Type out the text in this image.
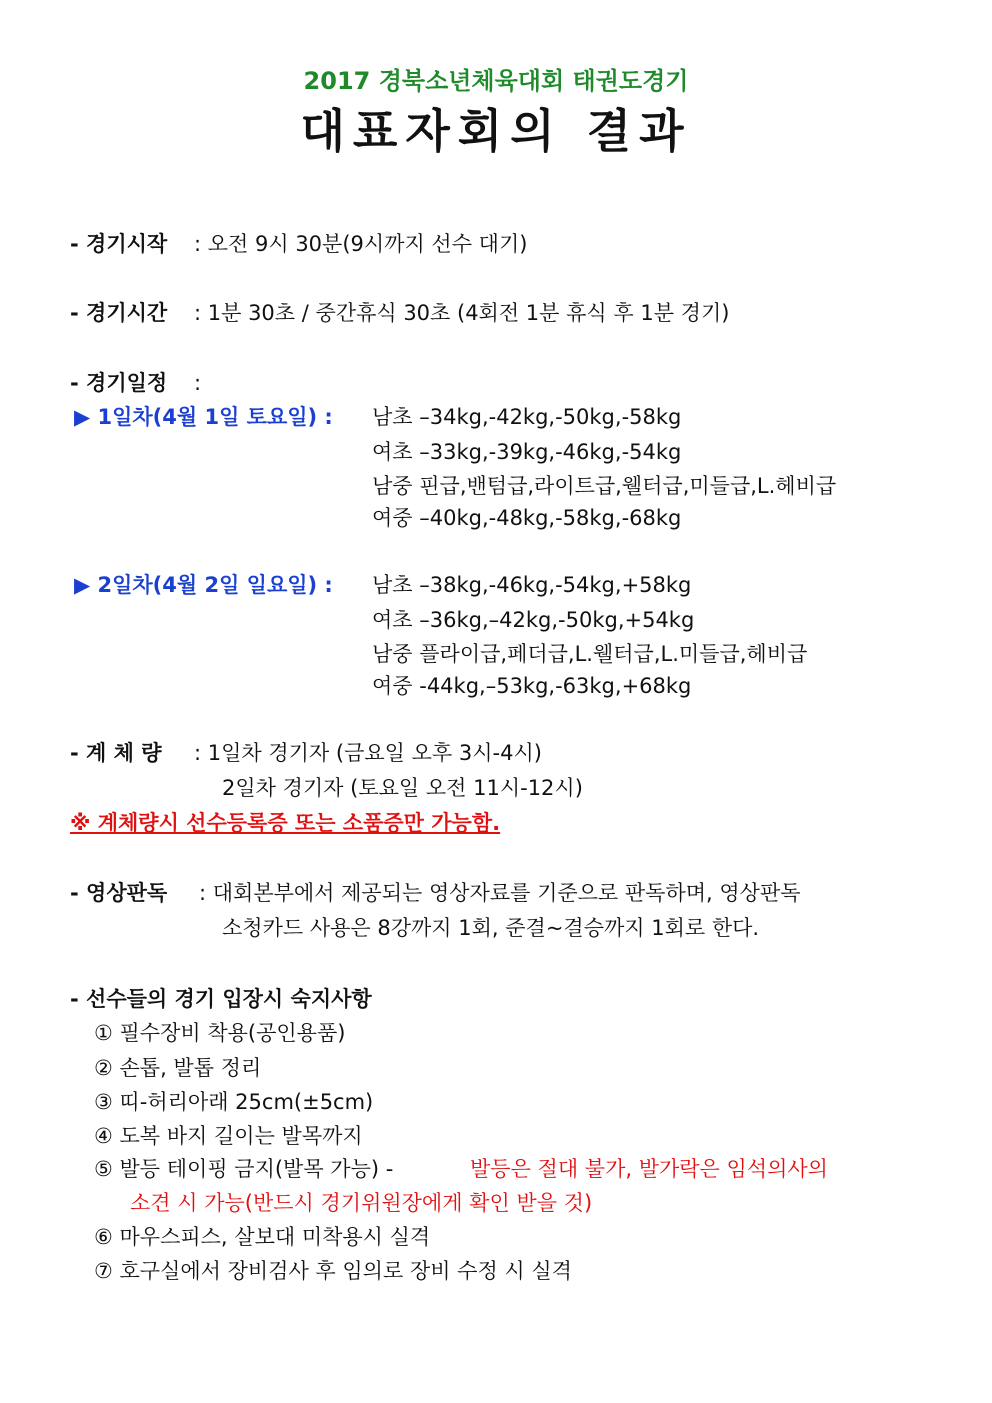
2017 경북소년체육대회 태권도경기
대표자회의 결과
- 경기시작 : 오전 9시 30분(9시까지 선수 대기)
- 경기시간 : 1분 30초 / 중간휴식 30초 (4회전 1분 휴식 후 1분 경기)
- 경기일정 :
▶ 1일차(4월 1일 토요일) : 남초 –34kg,-42kg,-50kg,-58kg
여초 –33kg,-39kg,-46kg,-54kg
남중 핀급,밴텀급,라이트급,웰터급,미들급,L.헤비급
여중 –40kg,-48kg,-58kg,-68kg
▶ 2일차(4월 2일 일요일) : 남초 –38kg,-46kg,-54kg,+58kg
여초 –36kg,–42kg,-50kg,+54kg
남중 플라이급,페더급,L.웰터급,L.미들급,헤비급
여중 -44kg,–53kg,-63kg,+68kg
- 계 체 량 : 1일차 경기자 (금요일 오후 3시-4시)
2일차 경기자 (토요일 오전 11시-12시)
※ 계체량시 선수등록증 또는 소품증만 가능함.
- 영상판독 : 대회본부에서 제공되는 영상자료를 기준으로 판독하며, 영상판독
소청카드 사용은 8강까지 1회, 준결~결승까지 1회로 한다.
- 선수들의 경기 입장시 숙지사항
① 필수장비 착용(공인용품)
② 손톱, 발톱 정리
③ 띠-허리아래 25cm(±5cm)
④ 도복 바지 길이는 발목까지
⑤ 발등 테이핑 금지(발목 가능) -	발등은 절대 불가, 발가락은 임석의사의
소견 시 가능(반드시 경기위원장에게 확인 받을 것)
⑥ 마우스피스, 살보대 미착용시 실격
⑦ 호구실에서 장비검사 후 임의로 장비 수정 시 실격
